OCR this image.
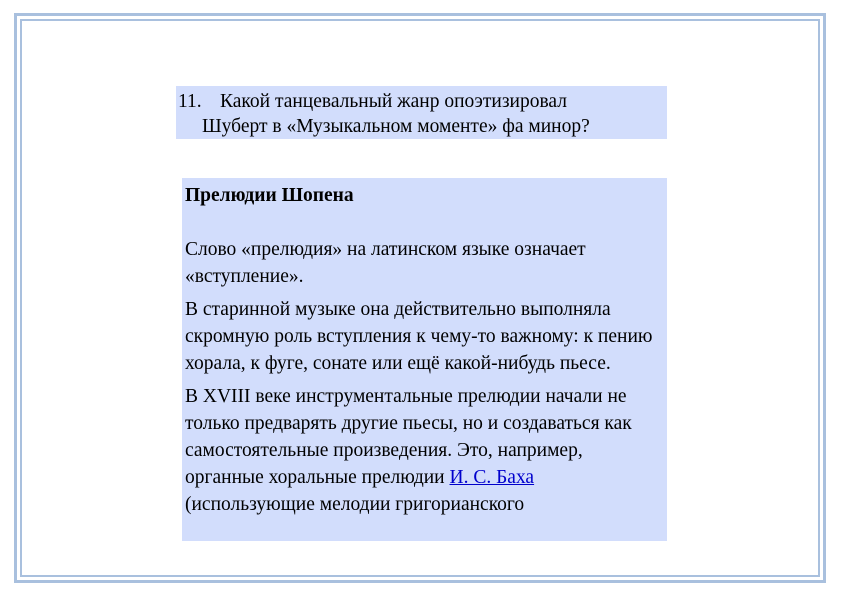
11. Какой танцевальный жанр опоэтизировал
Шуберт в «Музыкальном моменте» фа минор?
Прелюдии Шопена

Слово «прелюдия» на латинском языке означает «вступление».

В старинной музыке она действительно выполняла скромную роль вступления к чему-то важному: к пению хорала, к фуге, сонате или ещё какой-нибудь пьесе.

В XVIII веке инструментальные прелюдии начали не только предварять другие пьесы, но и создаваться как самостоятельные произведения. Это, например, органные хоральные прелюдии И. С. Баха (использующие мелодии григорианского
